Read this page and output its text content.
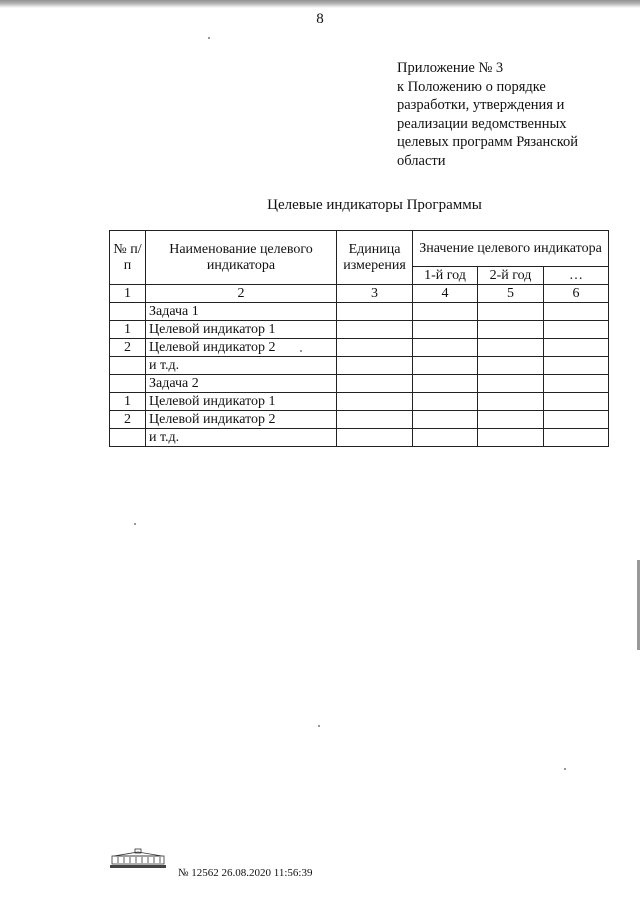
8
Приложение № 3
к Положению о порядке
разработки, утверждения и
реализации ведомственных
целевых программ Рязанской
области
Целевые индикаторы Программы
№ п/п	Наименование целевого индикатора	Единица измерения	Значение целевого индикатора		
			1-й год	2-й год	…
1	2	3	4	5	6
	Задача 1				
1	Целевой индикатор 1				
2	Целевой индикатор 2				
	и т.д.				
	Задача 2				
1	Целевой индикатор 1				
2	Целевой индикатор 2				
	и т.д.				
№ 12562 26.08.2020 11:56:39
